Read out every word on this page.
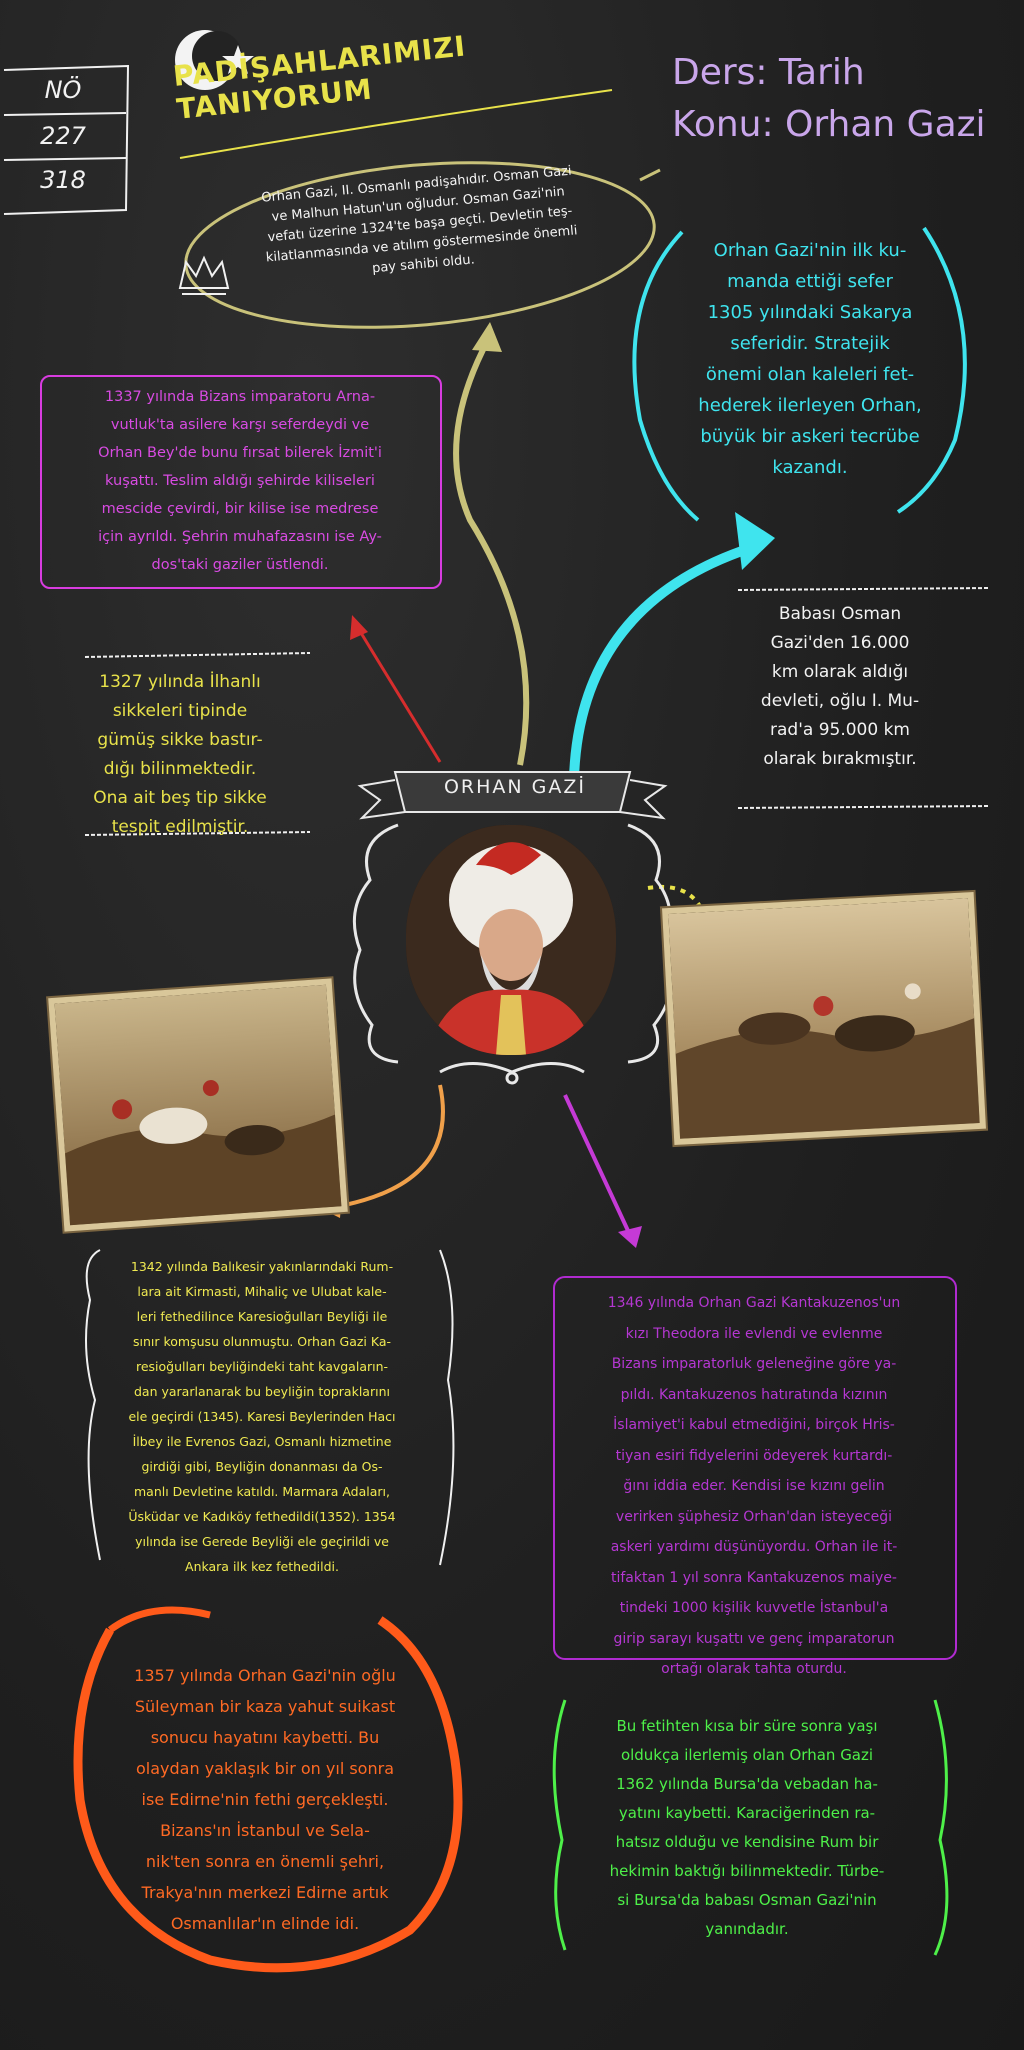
NÖ
227
318
PADİŞAHLARIMIZI TANIYORUM	Ders: Tarih
Konu: Orhan Gazi
Orhan Gazi, II. Osmanlı padişahıdır. Osman Gazi
ve Malhun Hatun'un oğludur. Osman Gazi'nin
vefatı üzerine 1324'te başa geçti. Devletin teş-
kilatlanmasında ve atılım göstermesinde önemli
pay sahibi oldu.
Orhan Gazi'nin ilk ku-
manda ettiği sefer
1305 yılındaki Sakarya
seferidir. Stratejik
önemi olan kaleleri fet-
hederek ilerleyen Orhan,
büyük bir askeri tecrübe
kazandı.
1337 yılında Bizans imparatoru Arna-
vutluk'ta asilere karşı seferdeydi ve
Orhan Bey'de bunu fırsat bilerek İzmit'i
kuşattı. Teslim aldığı şehirde kiliseleri
mescide çevirdi, bir kilise ise medrese
için ayrıldı. Şehrin muhafazasını ise Ay-
dos'taki gaziler üstlendi.
1327 yılında İlhanlı
sikkeleri tipinde
gümüş sikke bastır-
dığı bilinmektedir.
Ona ait beş tip sikke
tespit edilmiştir.
Babası Osman
Gazi'den 16.000
km olarak aldığı
devleti, oğlu I. Mu-
rad'a 95.000 km
olarak bırakmıştır.
ORHAN GAZİ
1342 yılında Balıkesir yakınlarındaki Rum-
lara ait Kirmasti, Mihaliç ve Ulubat kale-
leri fethedilince Karesioğulları Beyliği ile
sınır komşusu olunmuştu. Orhan Gazi Ka-
resioğulları beyliğindeki taht kavgaların-
dan yararlanarak bu beyliğin topraklarını
ele geçirdi (1345). Karesi Beylerinden Hacı
İlbey ile Evrenos Gazi, Osmanlı hizmetine
girdiği gibi, Beyliğin donanması da Os-
manlı Devletine katıldı. Marmara Adaları,
Üsküdar ve Kadıköy fethedildi(1352). 1354
yılında ise Gerede Beyliği ele geçirildi ve
Ankara ilk kez fethedildi.
1346 yılında Orhan Gazi Kantakuzenos'un
kızı Theodora ile evlendi ve evlenme
Bizans imparatorluk geleneğine göre ya-
pıldı. Kantakuzenos hatıratında kızının
İslamiyet'i kabul etmediğini, birçok Hris-
tiyan esiri fidyelerini ödeyerek kurtardı-
ğını iddia eder. Kendisi ise kızını gelin
verirken şüphesiz Orhan'dan isteyeceği
askeri yardımı düşünüyordu. Orhan ile it-
tifaktan 1 yıl sonra Kantakuzenos maiye-
tindeki 1000 kişilik kuvvetle İstanbul'a
girip sarayı kuşattı ve genç imparatorun
ortağı olarak tahta oturdu.
1357 yılında Orhan Gazi'nin oğlu
Süleyman bir kaza yahut suikast
sonucu hayatını kaybetti. Bu
olaydan yaklaşık bir on yıl sonra
ise Edirne'nin fethi gerçekleşti.
Bizans'ın İstanbul ve Sela-
nik'ten sonra en önemli şehri,
Trakya'nın merkezi Edirne artık
Osmanlılar'ın elinde idi.
Bu fetihten kısa bir süre sonra yaşı
oldukça ilerlemiş olan Orhan Gazi
1362 yılında Bursa'da vebadan ha-
yatını kaybetti. Karaciğerinden ra-
hatsız olduğu ve kendisine Rum bir
hekimin baktığı bilinmektedir. Türbe-
si Bursa'da babası Osman Gazi'nin
yanındadır.
